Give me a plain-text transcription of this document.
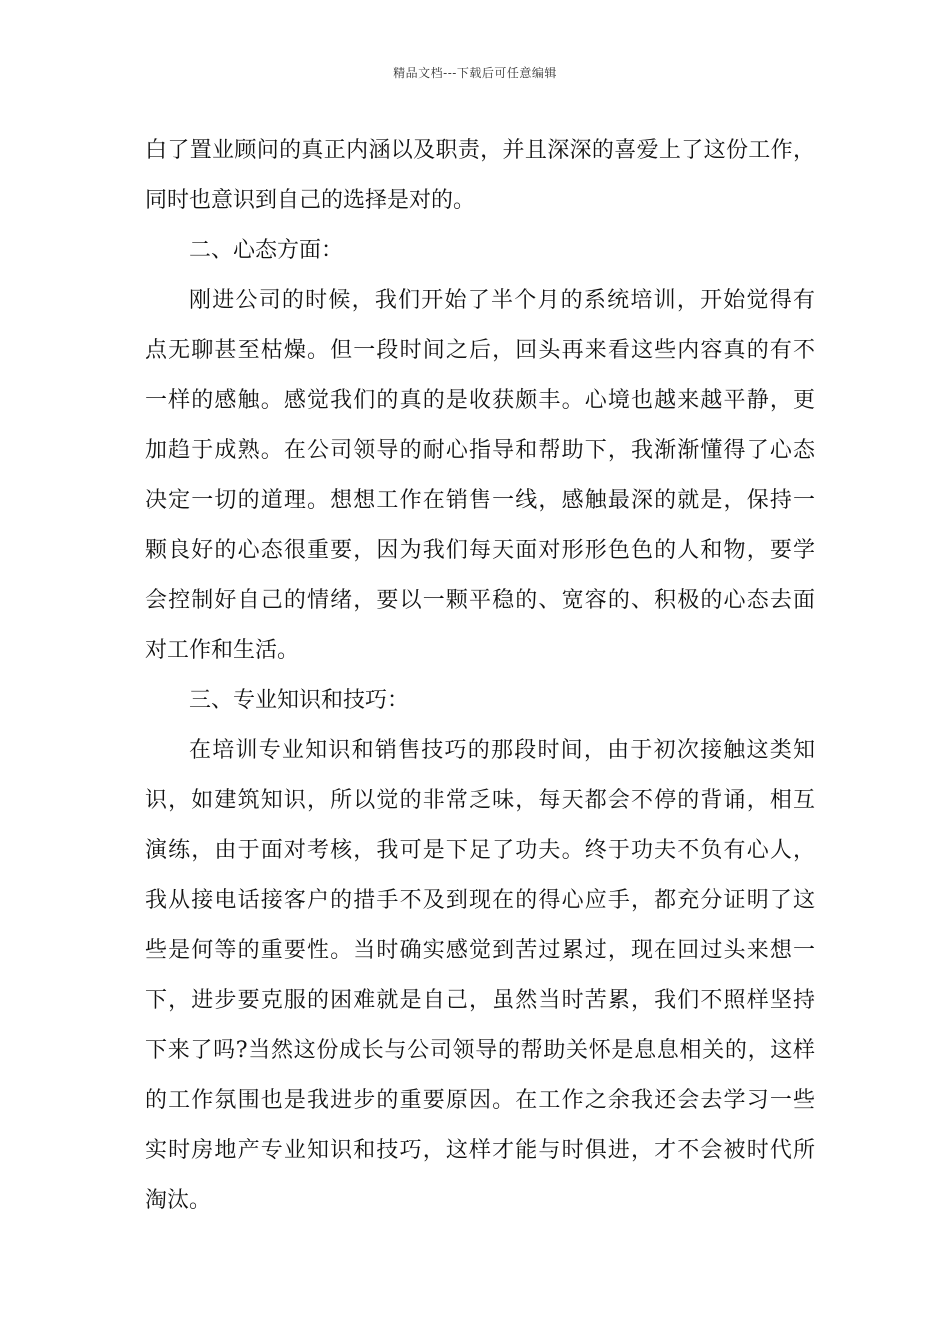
精品文档---下载后可任意编辑
白了置业顾问的真正内涵以及职责，并且深深的喜爱上了这份工作，
同时也意识到自己的选择是对的。
二、心态方面：
刚进公司的时候，我们开始了半个月的系统培训，开始觉得有
点无聊甚至枯燥。但一段时间之后，回头再来看这些内容真的有不
一样的感触。感觉我们的真的是收获颇丰。心境也越来越平静，更
加趋于成熟。在公司领导的耐心指导和帮助下，我渐渐懂得了心态
决定一切的道理。想想工作在销售一线，感触最深的就是，保持一
颗良好的心态很重要，因为我们每天面对形形色色的人和物，要学
会控制好自己的情绪，要以一颗平稳的、宽容的、积极的心态去面
对工作和生活。
三、专业知识和技巧：
在培训专业知识和销售技巧的那段时间，由于初次接触这类知
识，如建筑知识，所以觉的非常乏味，每天都会不停的背诵，相互
演练，由于面对考核，我可是下足了功夫。终于功夫不负有心人，
我从接电话接客户的措手不及到现在的得心应手，都充分证明了这
些是何等的重要性。当时确实感觉到苦过累过，现在回过头来想一
下，进步要克服的困难就是自己，虽然当时苦累，我们不照样坚持
下来了吗?当然这份成长与公司领导的帮助关怀是息息相关的，这样
的工作氛围也是我进步的重要原因。在工作之余我还会去学习一些
实时房地产专业知识和技巧，这样才能与时俱进，才不会被时代所
淘汰。
